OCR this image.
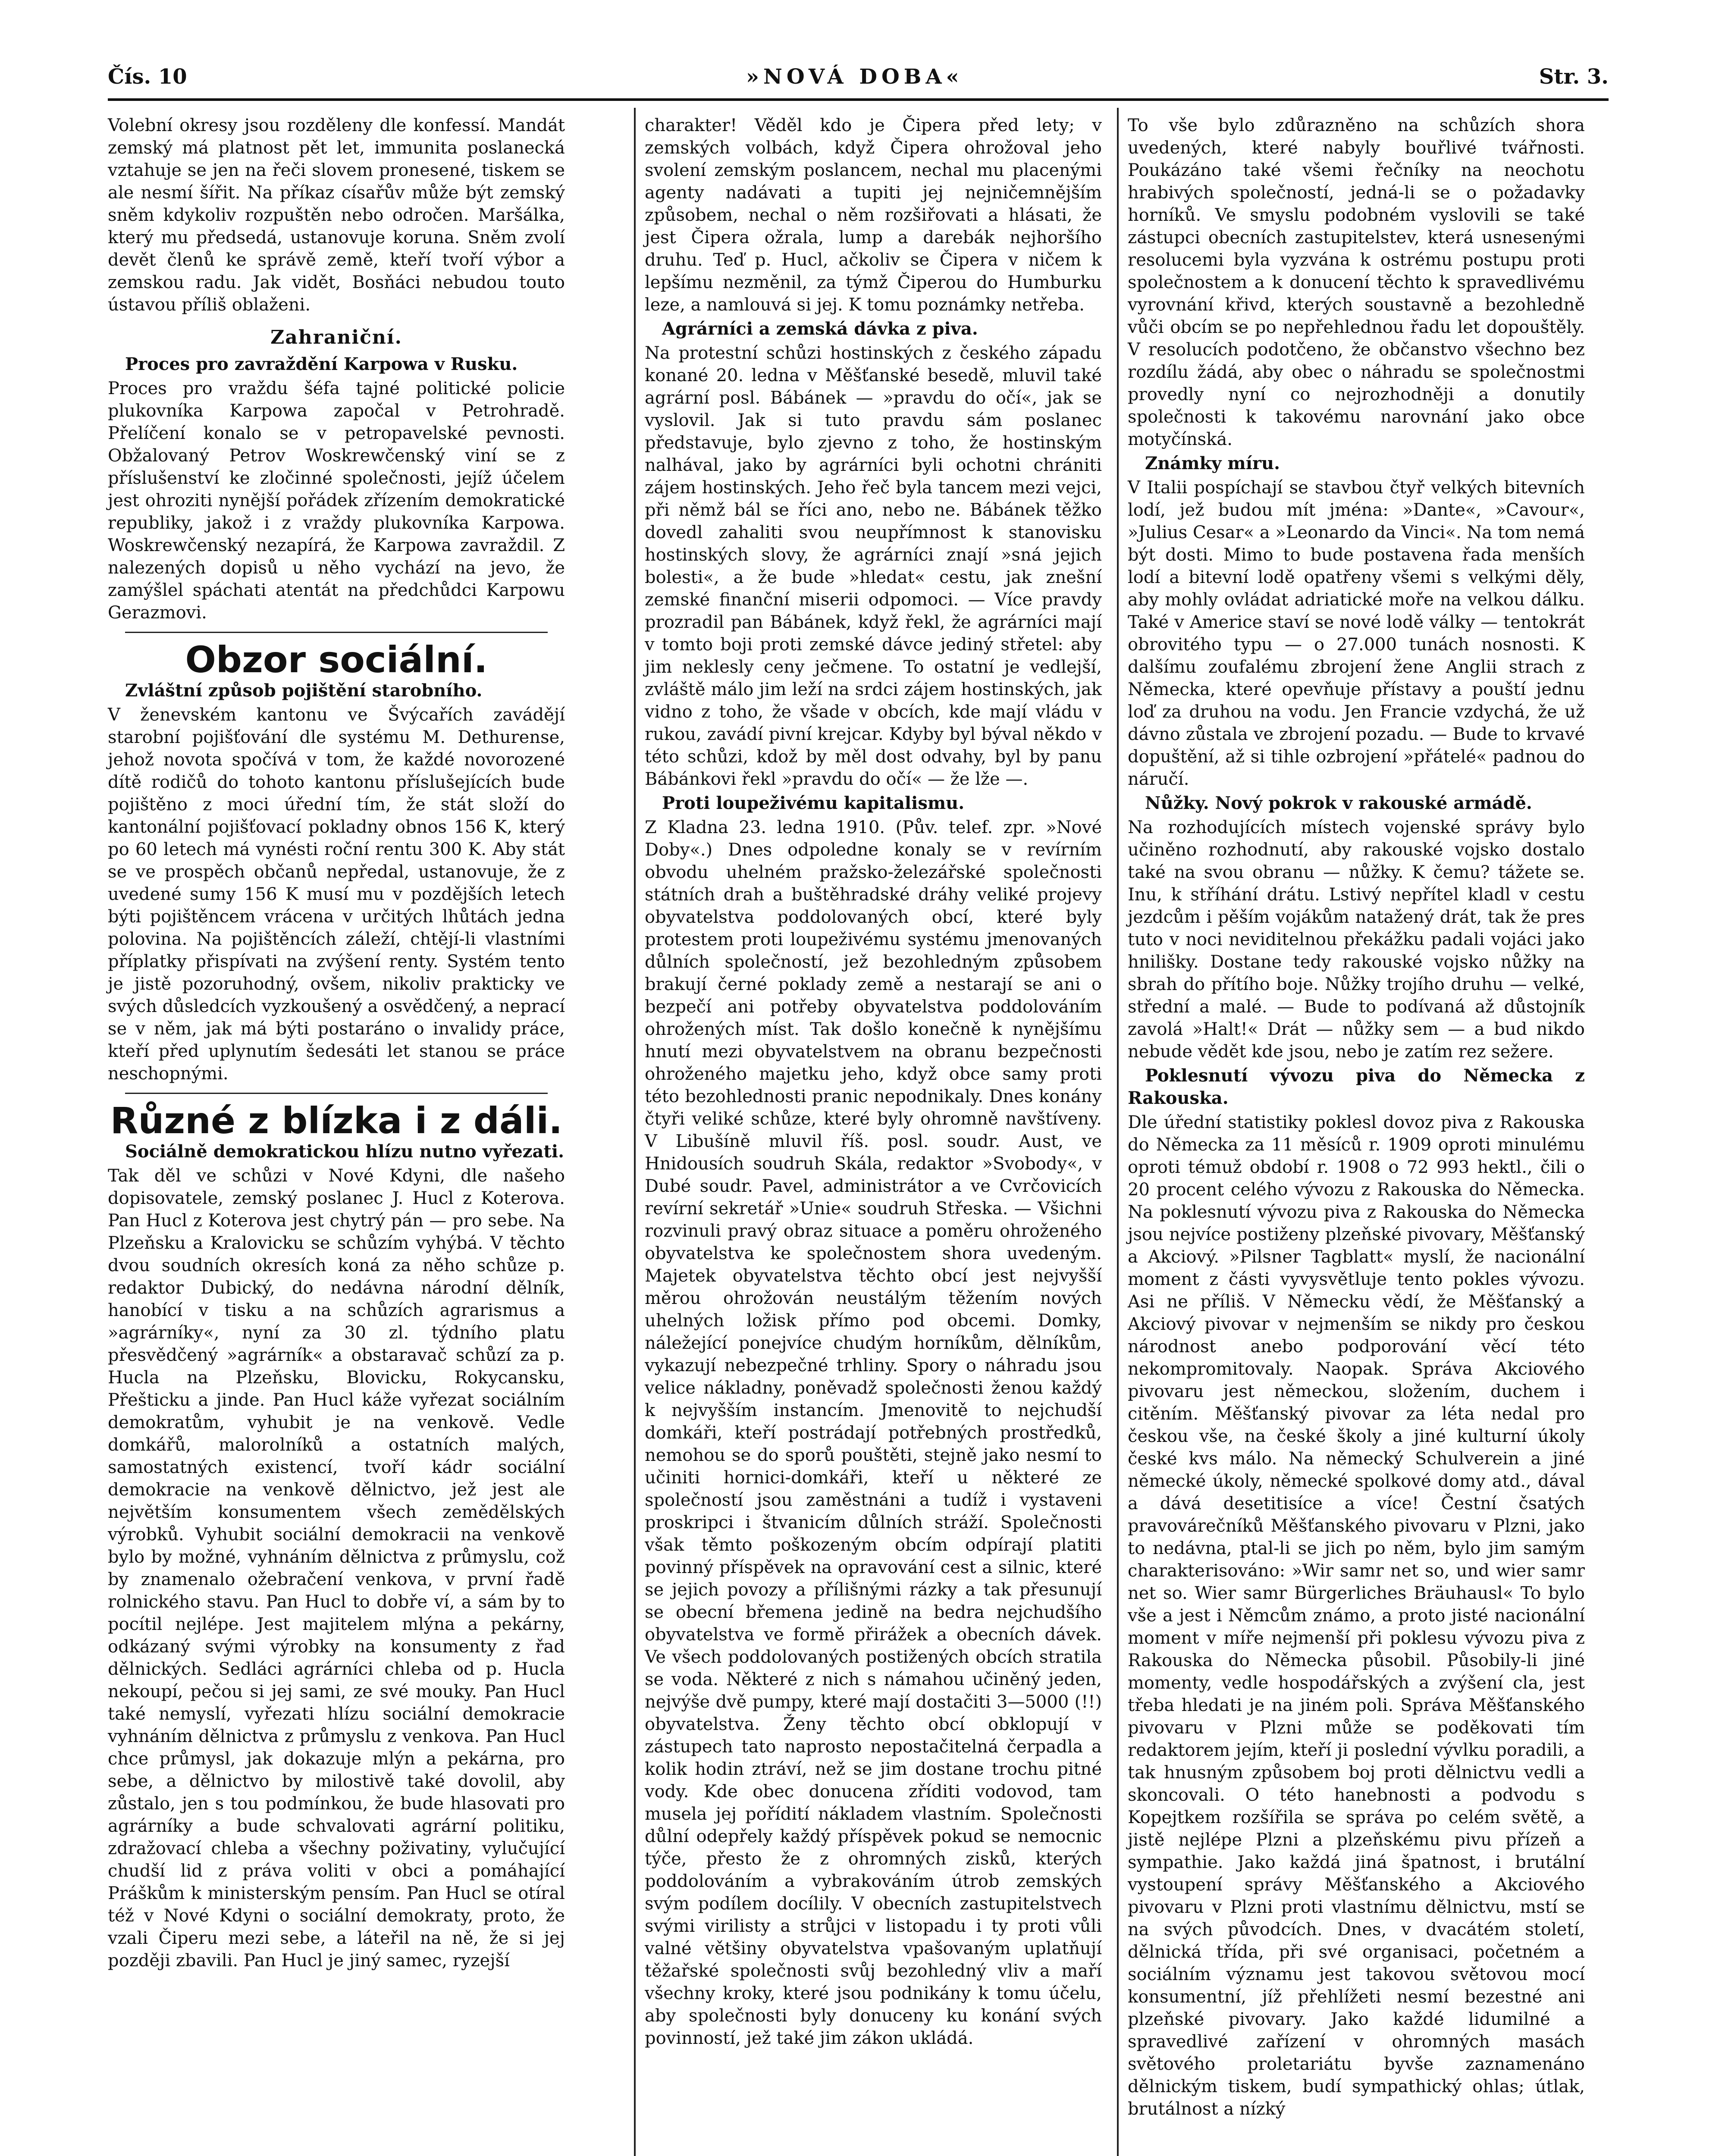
Čís. 10	»NOVÁ DOBA«	Str. 3.

Volební okresy jsou rozděleny dle konfessí. Mandát zemský má platnost pět let, immunita poslanecká vztahuje se jen na řeči slovem pronesené, tiskem se ale nesmí šířit. Na příkaz císařův může být zemský sněm kdykoliv rozpuštěn nebo odročen. Maršálka, který mu předsedá, ustanovuje koruna. Sněm zvolí devět členů ke správě země, kteří tvoří výbor a zemskou radu. Jak vidět, Bosňáci nebudou touto ústavou příliš oblaženi.

Zahraniční.

Proces pro zavraždění Karpowa v Rusku.

Proces pro vraždu šéfa tajné politické policie plukovníka Karpowa započal v Petrohradě. Přelíčení konalo se v petropavelské pevnosti. Obžalovaný Petrov Woskrewčenský viní se z příslušenství ke zločinné společnosti, jejíž účelem jest ohroziti nynější pořádek zřízením demokratické republiky, jakož i z vraždy plukovníka Karpowa. Woskrewčenský nezapírá, že Karpowa zavraždil. Z nalezených dopisů u něho vychází na jevo, že zamýšlel spáchati atentát na předchůdci Karpowu Gerazmovi.

Obzor sociální.

Zvláštní způsob pojištění starobního.

V ženevském kantonu ve Švýcařích zavádějí starobní pojišťování dle systému M. Dethurense, jehož novota spočívá v tom, že každé novorozené dítě rodičů do tohoto kantonu příslušejících bude pojištěno z moci úřední tím, že stát složí do kantonální pojišťovací pokladny obnos 156 K, který po 60 letech má vynésti roční rentu 300 K. Aby stát se ve prospěch občanů nepředal, ustanovuje, že z uvedené sumy 156 K musí mu v pozdějších letech býti pojištěncem vrácena v určitých lhůtách jedna polovina. Na pojištěncích záleží, chtějí-li vlastními příplatky přispívati na zvýšení renty. Systém tento je jistě pozoruhodný, ovšem, nikoliv prakticky ve svých důsledcích vyzkoušený a osvědčený, a neprací se v něm, jak má býti postaráno o invalidy práce, kteří před uplynutím šedesáti let stanou se práce neschopnými.

Různé z blízka i z dáli.

Sociálně demokratickou hlízu nutno vyřezati.

Tak děl ve schůzi v Nové Kdyni, dle našeho dopisovatele, zemský poslanec J. Hucl z Koterova. Pan Hucl z Koterova jest chytrý pán — pro sebe. Na Plzeňsku a Kralovicku se schůzím vyhýbá. V těchto dvou soudních okresích koná za něho schůze p. redaktor Dubický, do nedávna národní dělník, hanobící v tisku a na schůzích agrarismus a »agrárníky«, nyní za 30 zl. týdního platu přesvědčený »agrárník« a obstaravač schůzí za p. Hucla na Plzeňsku, Blovicku, Rokycansku, Přešticku a jinde. Pan Hucl káže vyřezat sociálním demokratům, vyhubit je na venkově. Vedle domkářů, malorolníků a ostatních malých, samostatných existencí, tvoří kádr sociální demokracie na venkově dělnictvo, jež jest ale největším konsumentem všech zemědělských výrobků. Vyhubit sociální demokracii na venkově bylo by možné, vyhnáním dělnictva z průmyslu, což by znamenalo ožebračení venkova, v první řadě rolnického stavu. Pan Hucl to dobře ví, a sám by to pocítil nejlépe. Jest majitelem mlýna a pekárny, odkázaný svými výrobky na konsumenty z řad dělnických. Sedláci agrárníci chleba od p. Hucla nekoupí, pečou si jej sami, ze své mouky. Pan Hucl také nemyslí, vyřezati hlízu sociální demokracie vyhnáním dělnictva z průmyslu z venkova. Pan Hucl chce průmysl, jak dokazuje mlýn a pekárna, pro sebe, a dělnictvo by milostivě také dovolil, aby zůstalo, jen s tou podmínkou, že bude hlasovati pro agrárníky a bude schvalovati agrární politiku, zdražovací chleba a všechny poživatiny, vylučující chudší lid z práva voliti v obci a pomáhající Práškům k ministerským pensím. Pan Hucl se otíral též v Nové Kdyni o sociální demokraty, proto, že vzali Čiperu mezi sebe, a láteřil na ně, že si jej později zbavili. Pan Hucl je jiný samec, ryzejší

charakter! Věděl kdo je Čipera před lety; v zemských volbách, když Čipera ohrožoval jeho svolení zemským poslancem, nechal mu placenými agenty nadávati a tupiti jej nejničemnějším způsobem, nechal o něm rozšiřovati a hlásati, že jest Čipera ožrala, lump a darebák nejhoršího druhu. Teď p. Hucl, ačkoliv se Čipera v ničem k lepšímu nezměnil, za týmž Čiperou do Humburku leze, a namlouvá si jej. K tomu poznámky netřeba.

Agrárníci a zemská dávka z piva.

Na protestní schůzi hostinských z českého západu konané 20. ledna v Měšťanské besedě, mluvil také agrární posl. Bábánek — »pravdu do očí«, jak se vyslovil. Jak si tuto pravdu sám poslanec představuje, bylo zjevno z toho, že hostinským nalhával, jako by agrárníci byli ochotni chrániti zájem hostinských. Jeho řeč byla tancem mezi vejci, při němž bál se říci ano, nebo ne. Bábánek těžko dovedl zahaliti svou neupřímnost k stanovisku hostinských slovy, že agrárníci znají »sná jejich bolesti«, a že bude »hledat« cestu, jak znešní zemské finanční miserii odpomoci. — Více pravdy prozradil pan Bábánek, když řekl, že agrárníci mají v tomto boji proti zemské dávce jediný střetel: aby jim neklesly ceny ječmene. To ostatní je vedlejší, zvláště málo jim leží na srdci zájem hostinských, jak vidno z toho, že všade v obcích, kde mají vládu v rukou, zavádí pivní krejcar. Kdyby byl býval někdo v této schůzi, kdož by měl dost odvahy, byl by panu Bábánkovi řekl »pravdu do očí« — že lže —.

Proti loupeživému kapitalismu.

Z Kladna 23. ledna 1910. (Pův. telef. zpr. »Nové Doby«.) Dnes odpoledne konaly se v revírním obvodu uhelném pražsko-železářské společnosti státních drah a buštěhradské dráhy veliké projevy obyvatelstva poddolovaných obcí, které byly protestem proti loupeživému systému jmenovaných důlních společností, jež bezohledným způsobem brakují černé poklady země a nestarají se ani o bezpečí ani potřeby obyvatelstva poddolováním ohrožených míst. Tak došlo konečně k nynějšímu hnutí mezi obyvatelstvem na obranu bezpečnosti ohroženého majetku jeho, když obce samy proti této bezohlednosti pranic nepodnikaly. Dnes konány čtyři veliké schůze, které byly ohromně navštíveny. V Libušíně mluvil říš. posl. soudr. Aust, ve Hnidousích soudruh Skála, redaktor »Svobody«, v Dubé soudr. Pavel, administrátor a ve Cvrčovicích revírní sekretář »Unie« soudruh Střeska. — Všichni rozvinuli pravý obraz situace a poměru ohroženého obyvatelstva ke společnostem shora uvedeným. Majetek obyvatelstva těchto obcí jest nejvyšší měrou ohrožován neustálým těžením nových uhelných ložisk přímo pod obcemi. Domky, náležející ponejvíce chudým horníkům, dělníkům, vykazují nebezpečné trhliny. Spory o náhradu jsou velice nákladny, poněvadž společnosti ženou každý k nejvyšším instancím. Jmenovitě to nejchudší domkáři, kteří postrádají potřebných prostředků, nemohou se do sporů pouštěti, stejně jako nesmí to učiniti hornici-domkáři, kteří u některé ze společností jsou zaměstnáni a tudíž i vystaveni proskripci i štvanicím důlních stráží. Společnosti však těmto poškozeným obcím odpírají platiti povinný příspěvek na opravování cest a silnic, které se jejich povozy a přílišnými rázky a tak přesunují se obecní břemena jedině na bedra nejchudšího obyvatelstva ve formě přirážek a obecních dávek. Ve všech poddolovaných postižených obcích stratila se voda. Některé z nich s námahou učiněný jeden, nejvýše dvě pumpy, které mají dostačiti 3—5000 (!!) obyvatelstva. Ženy těchto obcí obklopují v zástupech tato naprosto nepostačitelná čerpadla a kolik hodin ztráví, než se jim dostane trochu pitné vody. Kde obec donucena zříditi vodovod, tam musela jej pořídití nákladem vlastním. Společnosti důlní odepřely každý příspěvek pokud se nemocnic týče, přesto že z ohromných zisků, kterých poddolováním a vybrakováním útrob zemských svým podílem docílily. V obecních zastupitelstvech svými virilisty a strůjci v listopadu i ty proti vůli valné většiny obyvatelstva vpašovaným uplatňují těžařské společnosti svůj bezohledný vliv a maří všechny kroky, které jsou podnikány k tomu účelu, aby společnosti byly donuceny ku konání svých povinností, jež také jim zákon ukládá.

To vše bylo zdůrazněno na schůzích shora uvedených, které nabyly bouřlivé tvářnosti. Poukázáno také všemi řečníky na neochotu hrabivých společností, jedná-li se o požadavky horníků. Ve smyslu podobném vyslovili se také zástupci obecních zastupitelstev, která usnesenými resolucemi byla vyzvána k ostrému postupu proti společnostem a k donucení těchto k spravedlivému vyrovnání křivd, kterých soustavně a bezohledně vůči obcím se po nepřehlednou řadu let dopouštěly. V resolucích podotčeno, že občanstvo všechno bez rozdílu žádá, aby obec o náhradu se společnostmi provedly nyní co nejrozhodněji a donutily společnosti k takovému narovnání jako obce motyčínská.

Známky míru.

V Italii pospíchají se stavbou čtyř velkých bitevních lodí, jež budou mít jména: »Dante«, »Cavour«, »Julius Cesar« a »Leonardo da Vinci«. Na tom nemá být dosti. Mimo to bude postavena řada menších lodí a bitevní lodě opatřeny všemi s velkými děly, aby mohly ovládat adriatické moře na velkou dálku. Také v Americe staví se nové lodě války — tentokrát obrovitého typu — o 27.000 tunách nosnosti. K dalšímu zoufalému zbrojení žene Anglii strach z Německa, které opevňuje přístavy a pouští jednu loď za druhou na vodu. Jen Francie vzdychá, že už dávno zůstala ve zbrojení pozadu. — Bude to krvavé dopuštění, až si tihle ozbrojení »přátelé« padnou do náručí.

Nůžky. Nový pokrok v rakouské armádě.

Na rozhodujících místech vojenské správy bylo učiněno rozhodnutí, aby rakouské vojsko dostalo také na svou obranu — nůžky. K čemu? tážete se. Inu, k stříhání drátu. Lstivý nepřítel kladl v cestu jezdcům i pěším vojákům natažený drát, tak že pres tuto v noci neviditelnou překážku padali vojáci jako hnilišky. Dostane tedy rakouské vojsko nůžky na sbrah do přítího boje. Nůžky trojího druhu — velké, střední a malé. — Bude to podívaná až důstojník zavolá »Halt!« Drát — nůžky sem — a bud nikdo nebude vědět kde jsou, nebo je zatím rez sežere.

Poklesnutí vývozu piva do Německa z Rakouska.

Dle úřední statistiky poklesl dovoz piva z Rakouska do Německa za 11 měsíců r. 1909 oproti minulému oproti témuž období r. 1908 o 72 993 hektl., čili o 20 procent celého vývozu z Rakouska do Německa. Na poklesnutí vývozu piva z Rakouska do Německa jsou nejvíce postiženy plzeňské pivovary, Měšťanský a Akciový. »Pilsner Tagblatt« myslí, že nacionální moment z části vyvysvětluje tento pokles vývozu. Asi ne příliš. V Německu vědí, že Měšťanský a Akciový pivovar v nejmenším se nikdy pro českou národnost anebo podporování věcí této nekompromitovaly. Naopak. Správa Akciového pivovaru jest německou, složením, duchem i citěním. Měšťanský pivovar za léta nedal pro českou vše, na české školy a jiné kulturní úkoly české kvs málo. Na německý Schulverein a jiné německé úkoly, německé spolkové domy atd., dával a dává desetitisíce a více! Čestní čsatých pravovárečníků Měšťanského pivovaru v Plzni, jako to nedávna, ptal-li se jich po něm, bylo jim samým charakterisováno: »Wir samr net so, und wier samr net so. Wier samr Bürgerliches Bräuhausl« To bylo vše a jest i Němcům známo, a proto jisté nacionální moment v míře nejmenší při poklesu vývozu piva z Rakouska do Německa působil. Působily-li jiné momenty, vedle hospodářských a zvýšení cla, jest třeba hledati je na jiném poli. Správa Měšťanského pivovaru v Plzni může se poděkovati tím redaktorem jejím, kteří ji poslední vývlku poradili, a tak hnusným způsobem boj proti dělnictvu vedli a skoncovali. O této hanebnosti a podvodu s Kopejtkem rozšířila se správa po celém světě, a jistě nejlépe Plzni a plzeňskému pivu přízeň a sympathie. Jako každá jiná špatnost, i brutální vystoupení správy Měšťanského a Akciového pivovaru v Plzni proti vlastnímu dělnictvu, mstí se na svých původcích. Dnes, v dvacátém století, dělnická třída, při své organisaci, početném a sociálním významu jest takovou světovou mocí konsumentní, jíž přehlížeti nesmí bezestné ani plzeňské pivovary. Jako každé lidumilné a spravedlivé zařízení v ohromných masách světového proletariátu byvše zaznamenáno dělnickým tiskem, budí sympathický ohlas; útlak, brutálnost a nízký
